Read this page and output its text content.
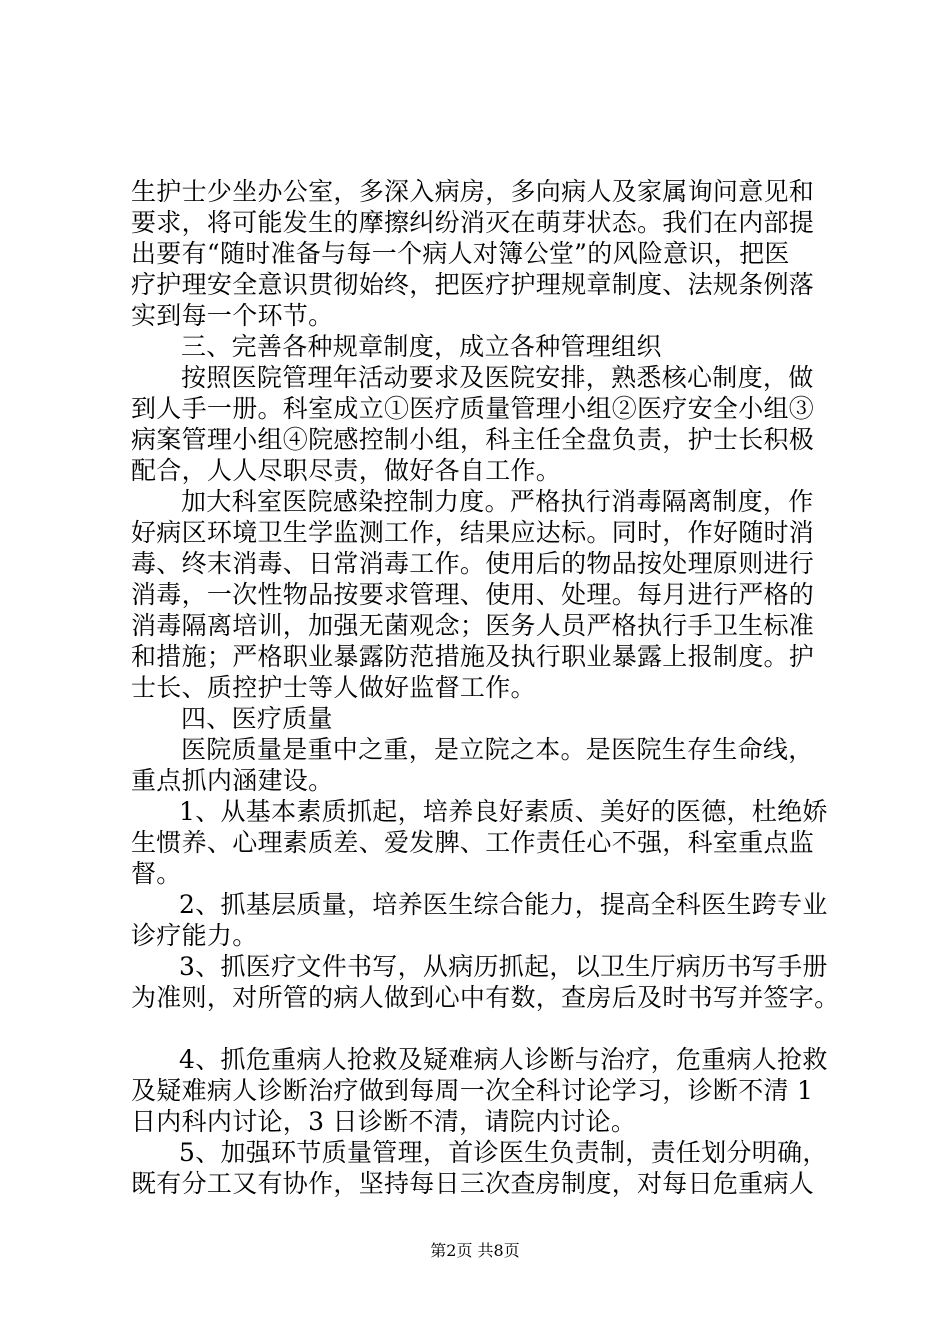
生护士少坐办公室，多深入病房，多向病人及家属询问意见和
要求，将可能发生的摩擦纠纷消灭在萌芽状态。我们在内部提
出要有“随时准备与每一个病人对簿公堂”的风险意识，把医
疗护理安全意识贯彻始终，把医疗护理规章制度、法规条例落
实到每一个环节。
三、完善各种规章制度，成立各种管理组织
按照医院管理年活动要求及医院安排，熟悉核心制度，做
到人手一册。科室成立①医疗质量管理小组②医疗安全小组③
病案管理小组④院感控制小组，科主任全盘负责，护士长积极
配合，人人尽职尽责，做好各自工作。
加大科室医院感染控制力度。严格执行消毒隔离制度，作
好病区环境卫生学监测工作，结果应达标。同时，作好随时消
毒、终末消毒、日常消毒工作。使用后的物品按处理原则进行
消毒，一次性物品按要求管理、使用、处理。每月进行严格的
消毒隔离培训，加强无菌观念；医务人员严格执行手卫生标准
和措施；严格职业暴露防范措施及执行职业暴露上报制度。护
士长、质控护士等人做好监督工作。
四、医疗质量
医院质量是重中之重，是立院之本。是医院生存生命线，
重点抓内涵建设。
1、从基本素质抓起，培养良好素质、美好的医德，杜绝娇
生惯养、心理素质差、爱发脾、工作责任心不强，科室重点监
督。
2、抓基层质量，培养医生综合能力，提高全科医生跨专业
诊疗能力。
3、抓医疗文件书写，从病历抓起，以卫生厅病历书写手册
为准则，对所管的病人做到心中有数，查房后及时书写并签字。
4、抓危重病人抢救及疑难病人诊断与治疗，危重病人抢救
及疑难病人诊断治疗做到每周一次全科讨论学习，诊断不清 1
日内科内讨论，3 日诊断不清，请院内讨论。
5、加强环节质量管理，首诊医生负责制，责任划分明确，
既有分工又有协作，坚持每日三次查房制度，对每日危重病人
第2页 共8页
